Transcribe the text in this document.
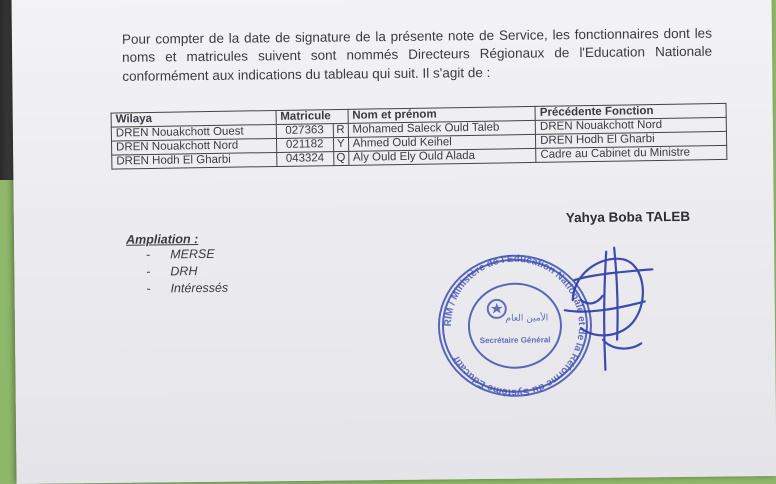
Pour compter de la date de signature de la présente note de Service, les fonctionnaires dont les noms et matricules suivent sont nommés Directeurs Régionaux de l'Education Nationale conformément aux indications du tableau qui suit. Il s'agit de :

Wilaya	Matricule		Nom et prénom	Précédente Fonction
DREN Nouakchott Ouest	027363	R	Mohamed Saleck Ould Taleb	DREN Nouakchott Nord
DREN Nouakchott Nord	021182	Y	Ahmed Ould Keihel	DREN Hodh El Gharbi
DREN Hodh El Gharbi	043324	Q	Aly Ould Ely Ould Alada	Cadre au Cabinet du Ministre
Yahya Boba TALEB
Ampliation :
- MERSE
- DRH
- Intéressés
RIM / Ministère de l'Education Nationale et de la Réforme du Système Educatif
الأمين العام
Secrétaire Général
